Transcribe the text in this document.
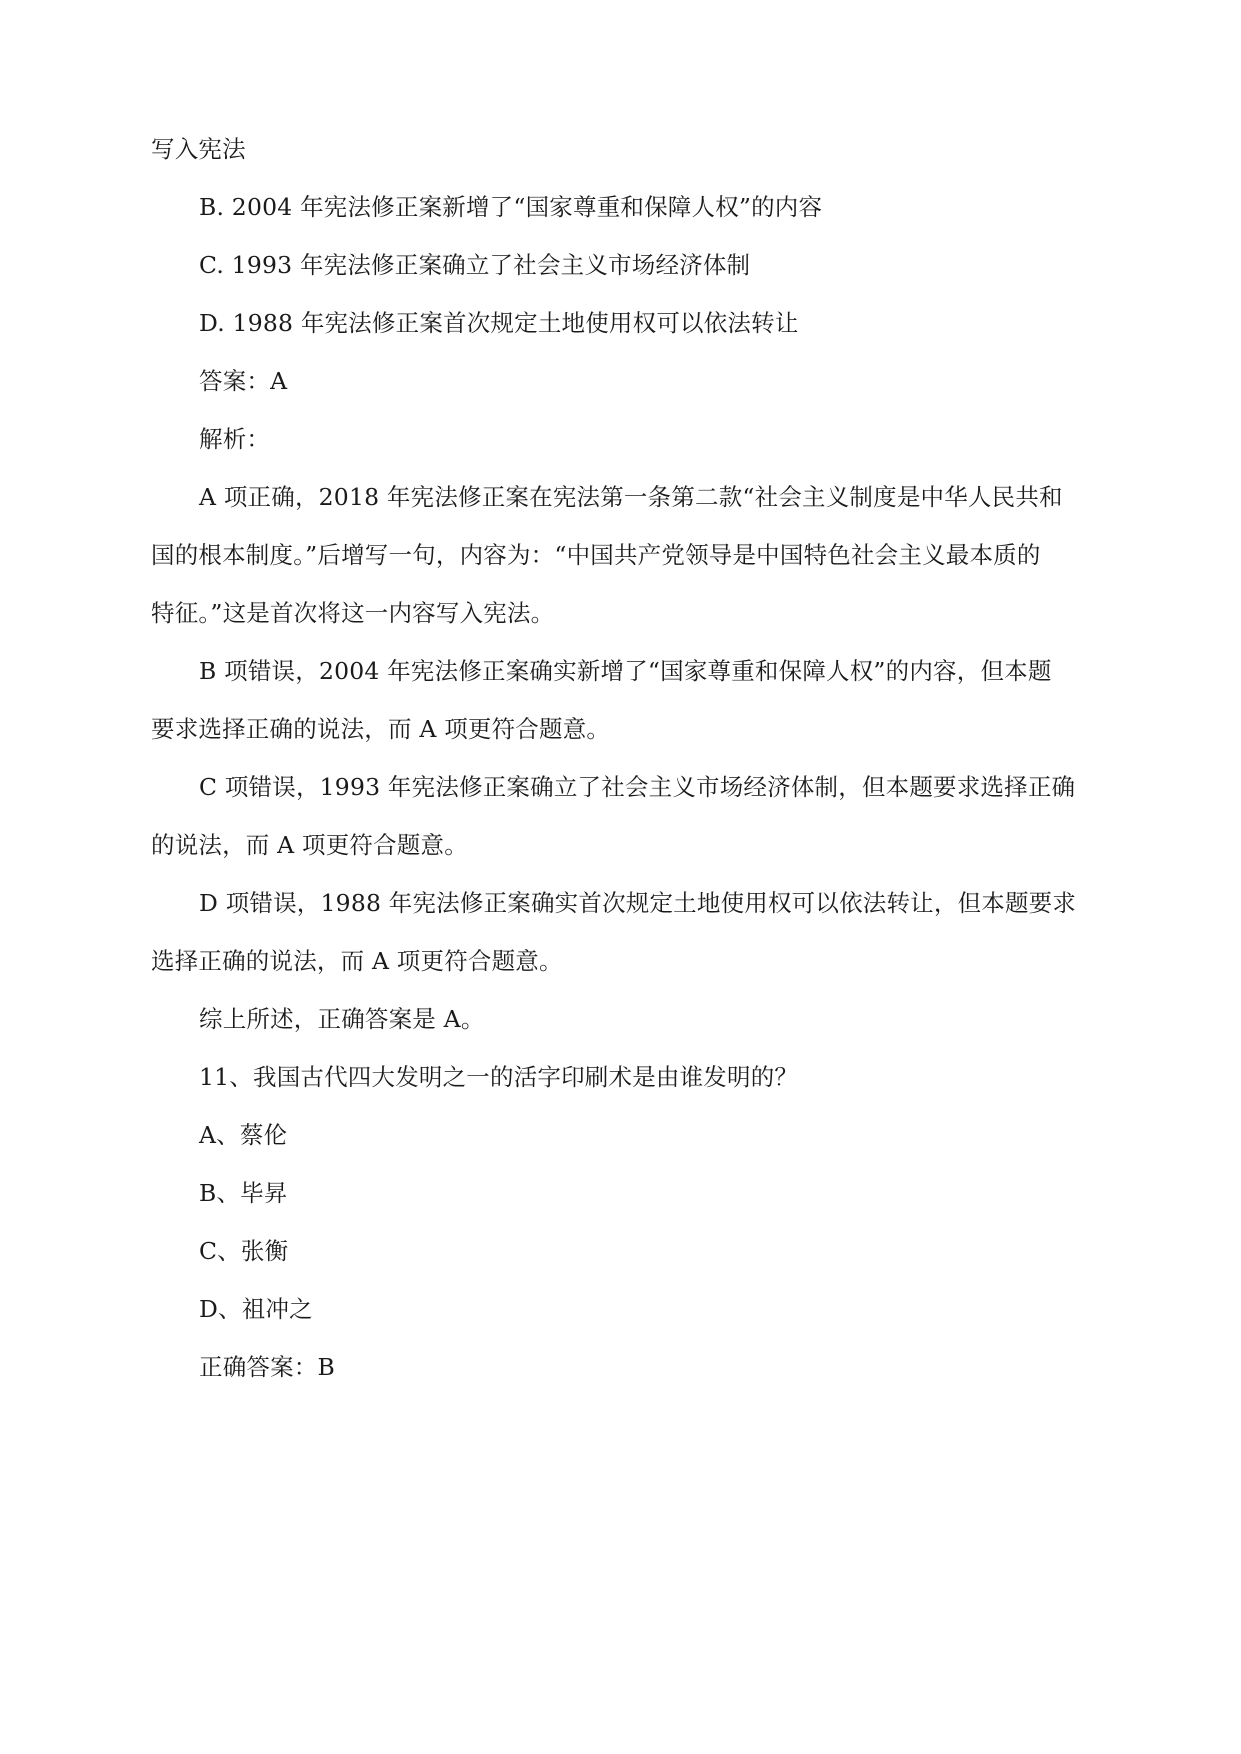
写入宪法
B. 2004 年宪法修正案新增了“国家尊重和保障人权”的内容
C. 1993 年宪法修正案确立了社会主义市场经济体制
D. 1988 年宪法修正案首次规定土地使用权可以依法转让
答案：A
解析：
A 项正确，2018 年宪法修正案在宪法第一条第二款“社会主义制度是中华人民共和
国的根本制度。”后增写一句，内容为：“中国共产党领导是中国特色社会主义最本质的
特征。”这是首次将这一内容写入宪法。
B 项错误，2004 年宪法修正案确实新增了“国家尊重和保障人权”的内容，但本题
要求选择正确的说法，而 A 项更符合题意。
C 项错误，1993 年宪法修正案确立了社会主义市场经济体制，但本题要求选择正确
的说法，而 A 项更符合题意。
D 项错误，1988 年宪法修正案确实首次规定土地使用权可以依法转让，但本题要求
选择正确的说法，而 A 项更符合题意。
综上所述，正确答案是 A。
11、我国古代四大发明之一的活字印刷术是由谁发明的？
A、蔡伦
B、毕昇
C、张衡
D、祖冲之
正确答案：B
